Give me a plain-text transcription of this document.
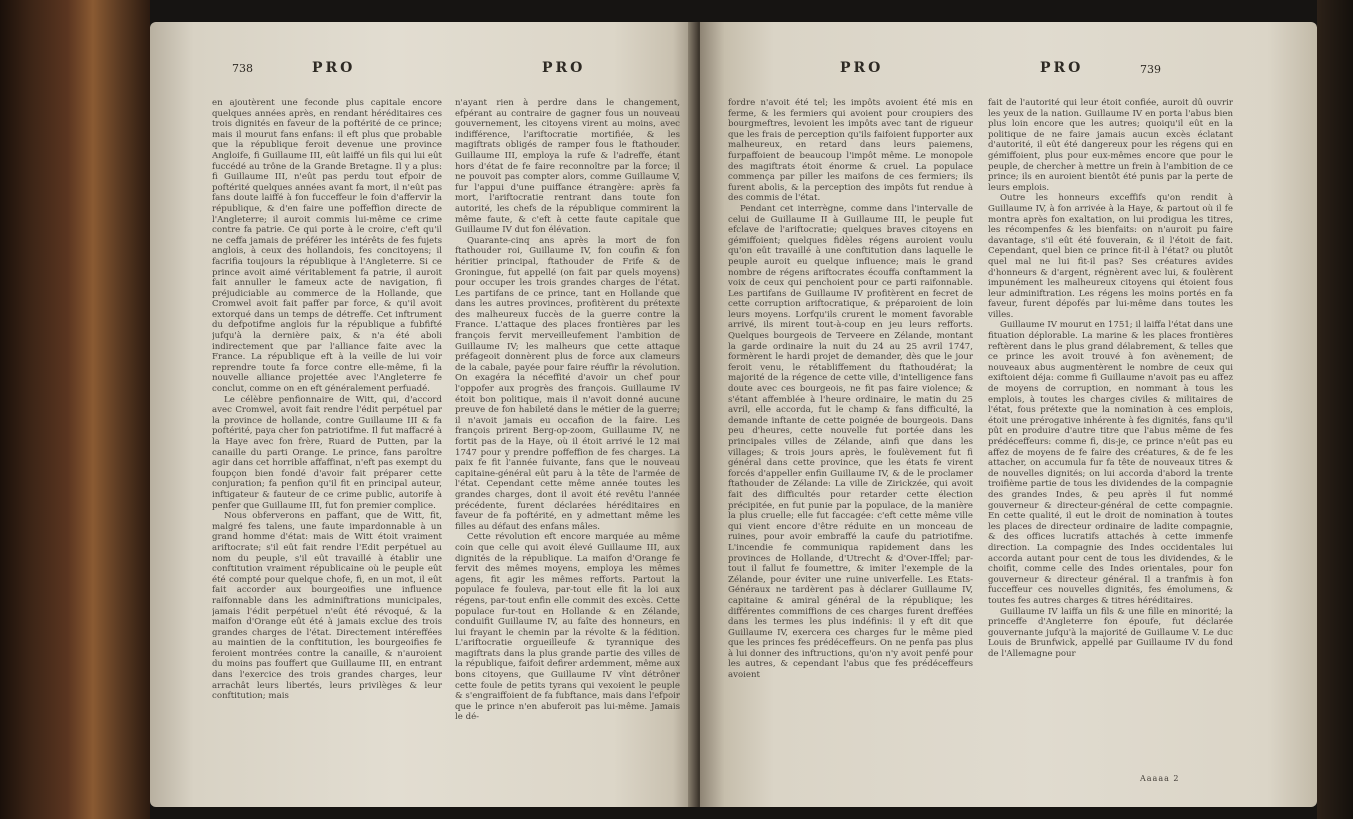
738	PRO	PRO

en ajoutèrent une feconde plus capitale encore quelques années après, en rendant héréditaires ces trois dignités en faveur de la poftérité de ce prince; mais il mourut fans enfans: il eft plus que probable que la république feroit devenue une province Angloife, fi Guillaume III, eût laiffé un fils qui lui eût fuccédé au trône de la Grande Bretagne. Il y a plus: fi Guillaume III, n'eût pas perdu tout efpoir de poftérité quelques années avant fa mort, il n'eût pas fans doute laiffé à fon fucceffeur le foin d'affervir la république, & d'en faire une poffeffion directe de l'Angleterre; il auroit commis lui-même ce crime contre fa patrie. Ce qui porte à le croire, c'eft qu'il ne ceffa jamais de préférer les intérêts de fes fujets anglois, à ceux des hollandois, fes concitoyens; il facrifia toujours la république à l'Angleterre. Si ce prince avoit aimé véritablement fa patrie, il auroit fait annuller le fameux acte de navigation, fi préjudiciable au commerce de la Hollande, que Cromwel avoit fait paffer par force, & qu'il avoit extorqué dans un temps de détreffe. Cet inftrument du defpotifme anglois fur la république a fubfifté jufqu'à la dernière paix, & n'a été aboli indirectement que par l'alliance faite avec la France. La république eft à la veille de lui voir reprendre toute fa force contre elle-même, fi la nouvelle alliance projettée avec l'Angleterre fe conclut, comme on en eft généralement perfuadé.

Le célèbre penfionnaire de Witt, qui, d'accord avec Cromwel, avoit fait rendre l'édit perpétuel par la province de hollande, contre Guillaume III & fa poftérité, paya cher fon patriotifme. Il fut maffacré à la Haye avec fon frère, Ruard de Putten, par la canaille du parti Orange. Le prince, fans paroître agir dans cet horrible affaffinat, n'eft pas exempt du foupçon bien fondé d'avoir fait préparer cette conjuration; fa penfion qu'il fit en principal auteur, inftigateur & fauteur de ce crime public, autorife à penfer que Guillaume III, fut fon premier complice.

Nous obferverons en paffant, que de Witt, fit, malgré fes talens, une faute impardonnable à un grand homme d'état: mais de Witt étoit vraiment ariftocrate; s'il eût fait rendre l'Edit perpétuel au nom du peuple, s'il eût travaillé à établir une conftitution vraiment républicaine où le peuple eût été compté pour quelque chofe, fi, en un mot, il eût fait accorder aux bourgeoifies une influence raifonnable dans les adminiftrations municipales, jamais l'édit perpétuel n'eût été révoqué, & la maifon d'Orange eût été à jamais exclue des trois grandes charges de l'état. Directement intéreffées au maintien de la conftitution, les bourgeoifies fe feroient montrées contre la canaille, & n'auroient du moins pas fouffert que Guillaume III, en entrant dans l'exercice des trois grandes charges, leur arrachât leurs libertés, leurs privilèges & leur conftitution; mais

n'ayant rien à perdre dans le changement, efpérant au contraire de gagner fous un nouveau gouvernement, les citoyens virent au moins, avec indifférence, l'ariftocratie mortifiée, & les magiftrats obligés de ramper fous le ftathouder. Guillaume III, employa la rufe & l'adreffe, étant hors d'état de fe faire reconnoître par la force; il ne pouvoit pas compter alors, comme Guillaume V, fur l'appui d'une puiffance étrangère: après fa mort, l'ariftocratie rentrant dans toute fon autorité, les chefs de la république commirent la même faute, & c'eft à cette faute capitale que Guillaume IV dut fon élévation.

Quarante-cinq ans après la mort de fon ftathouder roi, Guillaume IV, fon coufin & fon héritier principal, ftathouder de Frife & de Groningue, fut appellé (on fait par quels moyens) pour occuper les trois grandes charges de l'état. Les partifans de ce prince, tant en Hollande que dans les autres provinces, profitèrent du prétexte des malheureux fuccès de la guerre contre la France. L'attaque des places frontières par les françois fervit merveilleufement l'ambition de Guillaume IV; les malheurs que cette attaque préfageoit donnèrent plus de force aux clameurs de la cabale, payée pour faire réuffir la révolution. On exagéra la néceffité d'avoir un chef pour l'oppofer aux progrès des françois. Guillaume IV étoit bon politique, mais il n'avoit donné aucune preuve de fon habileté dans le métier de la guerre; il n'avoit jamais eu occafion de la faire. Les françois prirent Berg-op-zoom, Guillaume IV, ne fortit pas de la Haye, où il étoit arrivé le 12 mai 1747 pour y prendre poffeffion de fes charges. La paix fe fit l'année fuivante, fans que le nouveau capitaine-général eût paru à la tête de l'armée de l'état. Cependant cette même année toutes les grandes charges, dont il avoit été revêtu l'année précédente, furent déclarées héréditaires en faveur de fa poftérité, en y admettant même les filles au défaut des enfans mâles.

Cette révolution eft encore marquée au même coin que celle qui avoit élevé Guillaume III, aux dignités de la république. La maifon d'Orange fe fervit des mêmes moyens, employa les mêmes agens, fit agir les mêmes refforts. Partout la populace fe fouleva, par-tout elle fit la loi aux régens, par-tout enfin elle commit des excès. Cette populace fur-tout en Hollande & en Zélande, conduifit Guillaume IV, au faîte des honneurs, en lui frayant le chemin par la révolte & la fédition. L'ariftocratie orgueilleufe & tyrannique des magiftrats dans la plus grande partie des villes de la république, faifoit defirer ardemment, même aux bons citoyens, que Guillaume IV vînt détrôner cette foule de petits tyrans qui vexoient le peuple & s'engraiffoient de fa fubftance, mais dans l'efpoir que le prince n'en abuferoit pas lui-même. Jamais le dé-

PRO	PRO	739

fordre n'avoit été tel; les impôts avoient été mis en ferme, & les fermiers qui avoient pour croupiers des bourgmeftres, levoient les impôts avec tant de rigueur que les frais de perception qu'ils faifoient fupporter aux malheureux, en retard dans leurs paiemens, furpaffoient de beaucoup l'impôt même. Le monopole des magiftrats étoit énorme & cruel. La populace commença par piller les maifons de ces fermiers; ils furent abolis, & la perception des impôts fut rendue à des commis de l'état.

Pendant cet interrègne, comme dans l'intervalle de celui de Guillaume II à Guillaume III, le peuple fut efclave de l'ariftocratie; quelques braves citoyens en gémiffoient; quelques fidèles régens auroient voulu qu'on eût travaillé à une conftitution dans laquelle le peuple auroit eu quelque influence; mais le grand nombre de régens ariftocrates écouffa conftamment la voix de ceux qui penchoient pour ce parti raifonnable. Les partifans de Guillaume IV profitèrent en fecret de cette corruption ariftocratique, & préparoient de loin leurs moyens. Lorfqu'ils crurent le moment favorable arrivé, ils mirent tout-à-coup en jeu leurs refforts. Quelques bourgeois de Terveere en Zélande, montant la garde ordinaire la nuit du 24 au 25 avril 1747, formèrent le hardi projet de demander, dès que le jour feroit venu, le rétabliffement du ftathoudérat; la majorité de la régence de cette ville, d'intelligence fans doute avec ces bourgeois, ne fit pas faire violence; & s'étant affemblée à l'heure ordinaire, le matin du 25 avril, elle accorda, fut le champ & fans difficulté, la demande inftante de cette poignée de bourgeois. Dans peu d'heures, cette nouvelle fut portée dans les principales villes de Zélande, ainfi que dans les villages; & trois jours après, le foulèvement fut fi général dans cette province, que les états fe virent forcés d'appeller enfin Guillaume IV, & de le proclamer ftathouder de Zélande: La ville de Zirickzée, qui avoit fait des difficultés pour retarder cette élection précipitée, en fut punie par la populace, de la manière la plus cruelle; elle fut faccagée: c'eft cette même ville qui vient encore d'être réduite en un monceau de ruines, pour avoir embraffé la caufe du patriotifme. L'incendie fe communiqua rapidement dans les provinces de Hollande, d'Utrecht & d'Over-Iffel; par-tout il fallut fe foumettre, & imiter l'exemple de la Zélande, pour éviter une ruine univerfelle. Les Etats-Généraux ne tardèrent pas à déclarer Guillaume IV, capitaine & amiral général de la république; les différentes commiffions de ces charges furent dreffées dans les termes les plus indéfinis: il y eft dit que Guillaume IV, exercera ces charges fur le même pied que les princes fes prédéceffeurs. On ne penfa pas plus à lui donner des inftructions, qu'on n'y avoit penfé pour les autres, & cependant l'abus que fes prédéceffeurs avoient

fait de l'autorité qui leur étoit confiée, auroit dû ouvrir les yeux de la nation. Guillaume IV en porta l'abus bien plus loin encore que les autres; quoiqu'il eût en la politique de ne faire jamais aucun excès éclatant d'autorité, il eût été dangereux pour les régens qui en gémiffoient, plus pour eux-mêmes encore que pour le peuple, de chercher à mettre un frein à l'ambition de ce prince; ils en auroient bientôt été punis par la perte de leurs emplois.

Outre les honneurs exceffifs qu'on rendit à Guillaume IV, à fon arrivée à la Haye, & partout où il fe montra après fon exaltation, on lui prodigua les titres, les récompenfes & les bienfaits: on n'auroit pu faire davantage, s'il eût été fouverain, & il l'étoit de fait. Cependant, quel bien ce prince fit-il à l'état? ou plutôt quel mal ne lui fit-il pas? Ses créatures avides d'honneurs & d'argent, régnèrent avec lui, & foulèrent impunément les malheureux citoyens qui étoient fous leur adminiftration. Les régens les moins portés en fa faveur, furent dépofés par lui-même dans toutes les villes.

Guillaume IV mourut en 1751; il laiffa l'état dans une fituation déplorable. La marine & les places frontières reftèrent dans le plus grand délabrement, & telles que ce prince les avoit trouvé à fon avènement; de nouveaux abus augmentèrent le nombre de ceux qui exiftoient déja: comme fi Guillaume n'avoit pas eu affez de moyens de corruption, en nommant à tous les emplois, à toutes les charges civiles & militaires de l'état, fous prétexte que la nomination à ces emplois, étoit une prérogative inhérente à fes dignités, fans qu'il pût en produire d'autre titre que l'abus même de fes prédéceffeurs: comme fi, dis-je, ce prince n'eût pas eu affez de moyens de fe faire des créatures, & de fe les attacher, on accumula fur fa tête de nouveaux titres & de nouvelles dignités; on lui accorda d'abord la trente troifième partie de tous les dividendes de la compagnie des grandes Indes, & peu après il fut nommé gouverneur & directeur-général de cette compagnie. En cette qualité, il eut le droit de nomination à toutes les places de directeur ordinaire de ladite compagnie, & des offices lucratifs attachés à cette immenfe direction. La compagnie des Indes occidentales lui accorda autant pour cent de tous les dividendes, & le choifit, comme celle des Indes orientales, pour fon gouverneur & directeur général. Il a tranfmis à fon fucceffeur ces nouvelles dignités, fes émolumens, & toutes fes autres charges & titres héréditaires.

Guillaume IV laiffa un fils & une fille en minorité; la princeffe d'Angleterre fon époufe, fut déclarée gouvernante jufqu'à la majorité de Guillaume V. Le duc Louis de Brunfwick, appellé par Guillaume IV du fond de l'Allemagne pour

Aaaaa 2
